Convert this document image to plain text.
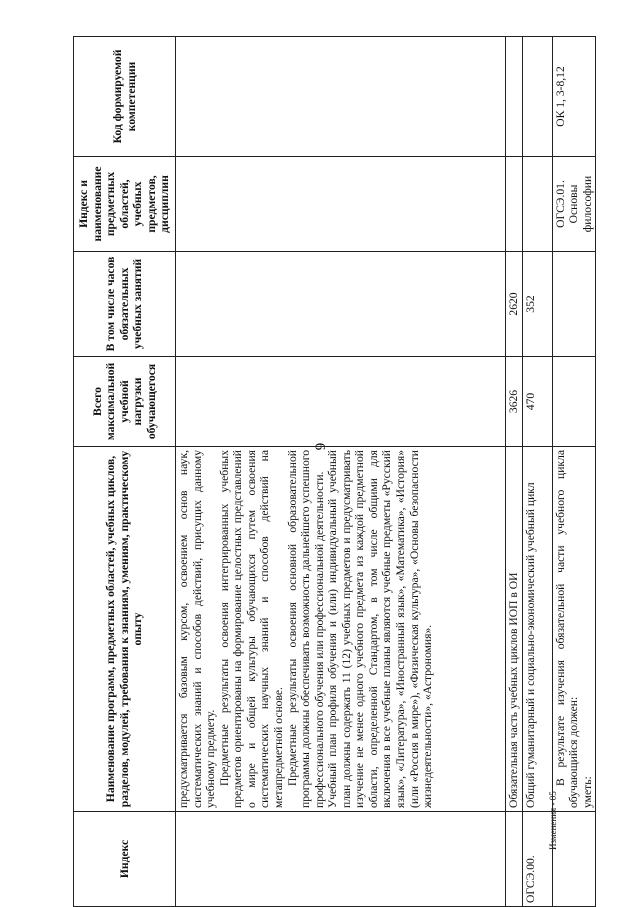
6
Изменения - 05
Индекс	Наименование программ, предметных областей, учебных циклов, разделов, модулей, требования к знаниям, умениям, практическому опыту	Всего максимальной учебной нагрузки обучающегося	В том числе часов обязательных учебных занятий	Индекс и наименование предметных областей, учебных предметов, дисциплин	Код формируемой компетенции

	предусматривается базовым курсом, освоением основ наук, систематических знаний и способов действий, присущих данному учебному предмету. Предметные результаты освоения интегрированных учебных предметов ориентированы на формирование целостных представлений о мире и общей культуры обучающихся путем освоения систематических научных знаний и способов действий на метапредметной основе. Предметные результаты освоения основной образовательной программы должны обеспечивать возможность дальнейшего успешного профессионального обучения или профессиональной деятельности. Учебный план профиля обучения и (или) индивидуальный учебный план должны содержать 11 (12) учебных предметов и предусматривать изучение не менее одного учебного предмета из каждой предметной области, определенной Стандартом, в том числе общими для включения в все учебные планы являются учебные предметы «Русский язык», «Литература», «Иностранный язык», «Математика», «История» (или «Россия в мире»), «Физическая культура», «Основы безопасности жизнедеятельности», «Астрономия».				

	Обязательная часть учебных циклов ИОП в ОИ	3626	2620		
ОГСЭ.00.	Общий гуманитарный и социально-экономический учебный цикл	470	352		

	В результате изучения обязательной части учебного цикла обучающийся должен: уметь:			ОГСЭ.01. Основы философии	ОК 1, 3-8,12
